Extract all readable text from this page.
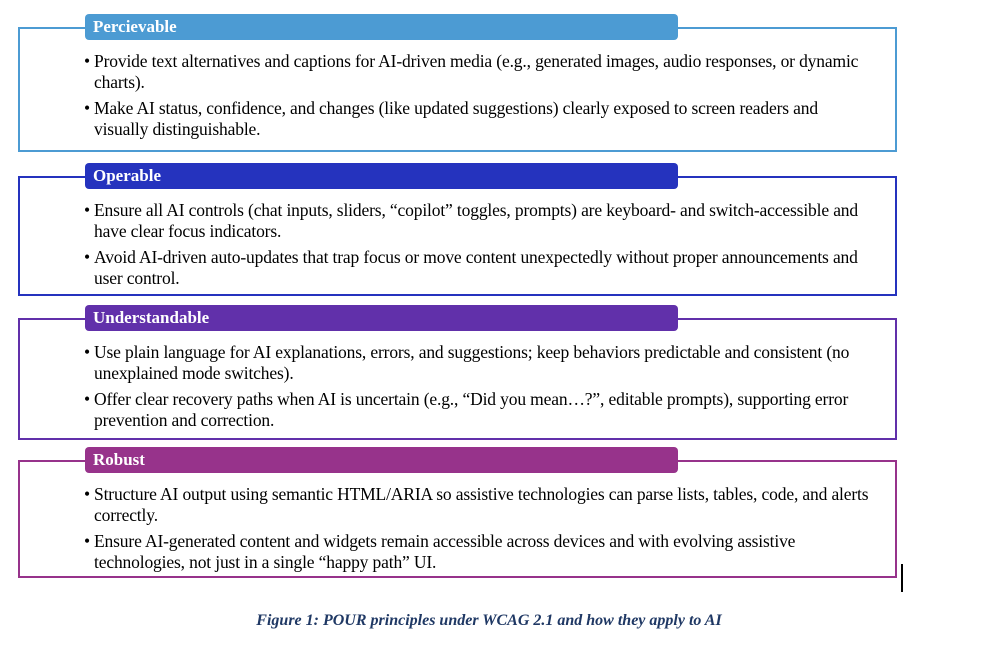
Percievable
• Provide text alternatives and captions for AI-driven media (e.g., generated images, audio responses, or dynamic charts).
• Make AI status, confidence, and changes (like updated suggestions) clearly exposed to screen readers and visually distinguishable.
Operable
• Ensure all AI controls (chat inputs, sliders, “copilot” toggles, prompts) are keyboard- and switch-accessible and have clear focus indicators.
• Avoid AI-driven auto-updates that trap focus or move content unexpectedly without proper announcements and user control.
Understandable
• Use plain language for AI explanations, errors, and suggestions; keep behaviors predictable and consistent (no unexplained mode switches).
• Offer clear recovery paths when AI is uncertain (e.g., “Did you mean…?”, editable prompts), supporting error prevention and correction.
Robust
• Structure AI output using semantic HTML/ARIA so assistive technologies can parse lists, tables, code, and alerts correctly.
• Ensure AI-generated content and widgets remain accessible across devices and with evolving assistive technologies, not just in a single “happy path” UI.
Figure 1: POUR principles under WCAG 2.1 and how they apply to AI
